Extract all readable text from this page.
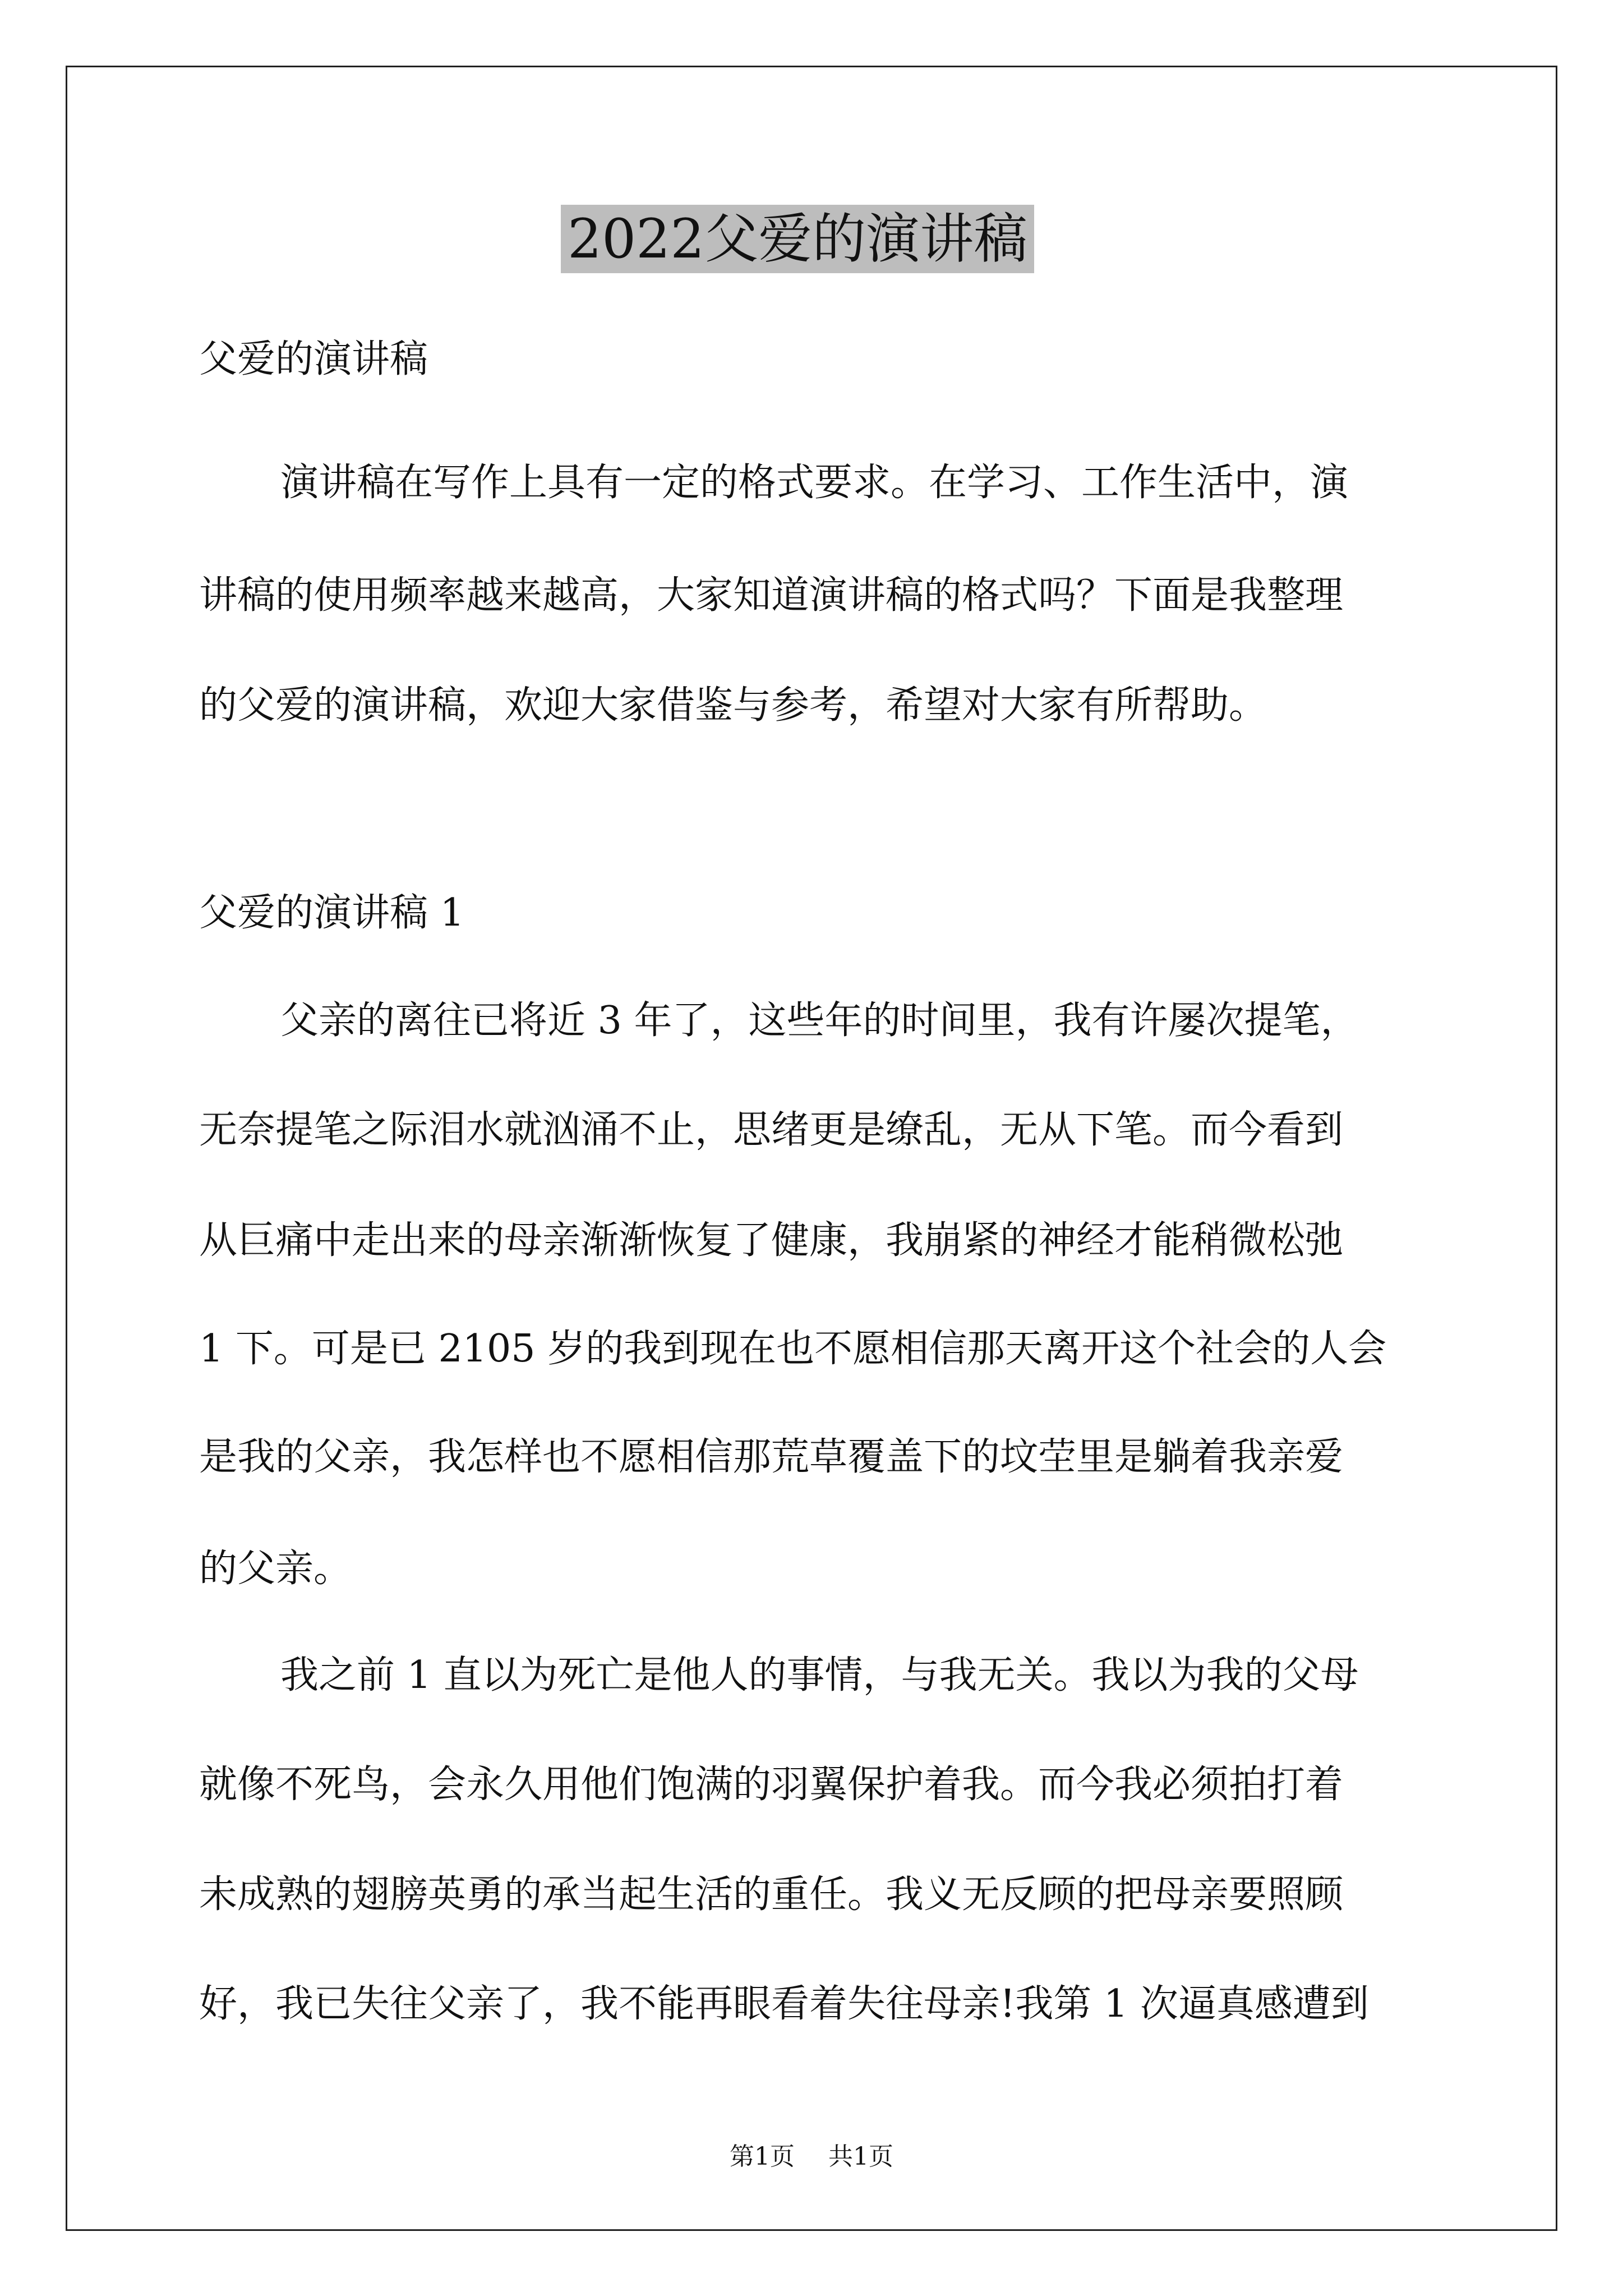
2022父爱的演讲稿
父爱的演讲稿
演讲稿在写作上具有一定的格式要求。在学习、工作生活中，演
讲稿的使用频率越来越高，大家知道演讲稿的格式吗？下面是我整理
的父爱的演讲稿，欢迎大家借鉴与参考，希望对大家有所帮助。
父爱的演讲稿 1
父亲的离往已将近 3 年了，这些年的时间里，我有许屡次提笔，
无奈提笔之际泪水就汹涌不止，思绪更是缭乱，无从下笔。而今看到
从巨痛中走出来的母亲渐渐恢复了健康，我崩紧的神经才能稍微松弛
1 下。可是已 2105 岁的我到现在也不愿相信那天离开这个社会的人会
是我的父亲，我怎样也不愿相信那荒草覆盖下的坟茔里是躺着我亲爱
的父亲。
我之前 1 直以为死亡是他人的事情，与我无关。我以为我的父母
就像不死鸟，会永久用他们饱满的羽翼保护着我。而今我必须拍打着
未成熟的翅膀英勇的承当起生活的重任。我义无反顾的把母亲要照顾
好，我已失往父亲了，我不能再眼看着失往母亲!我第 1 次逼真感遭到
第1页 共1页
